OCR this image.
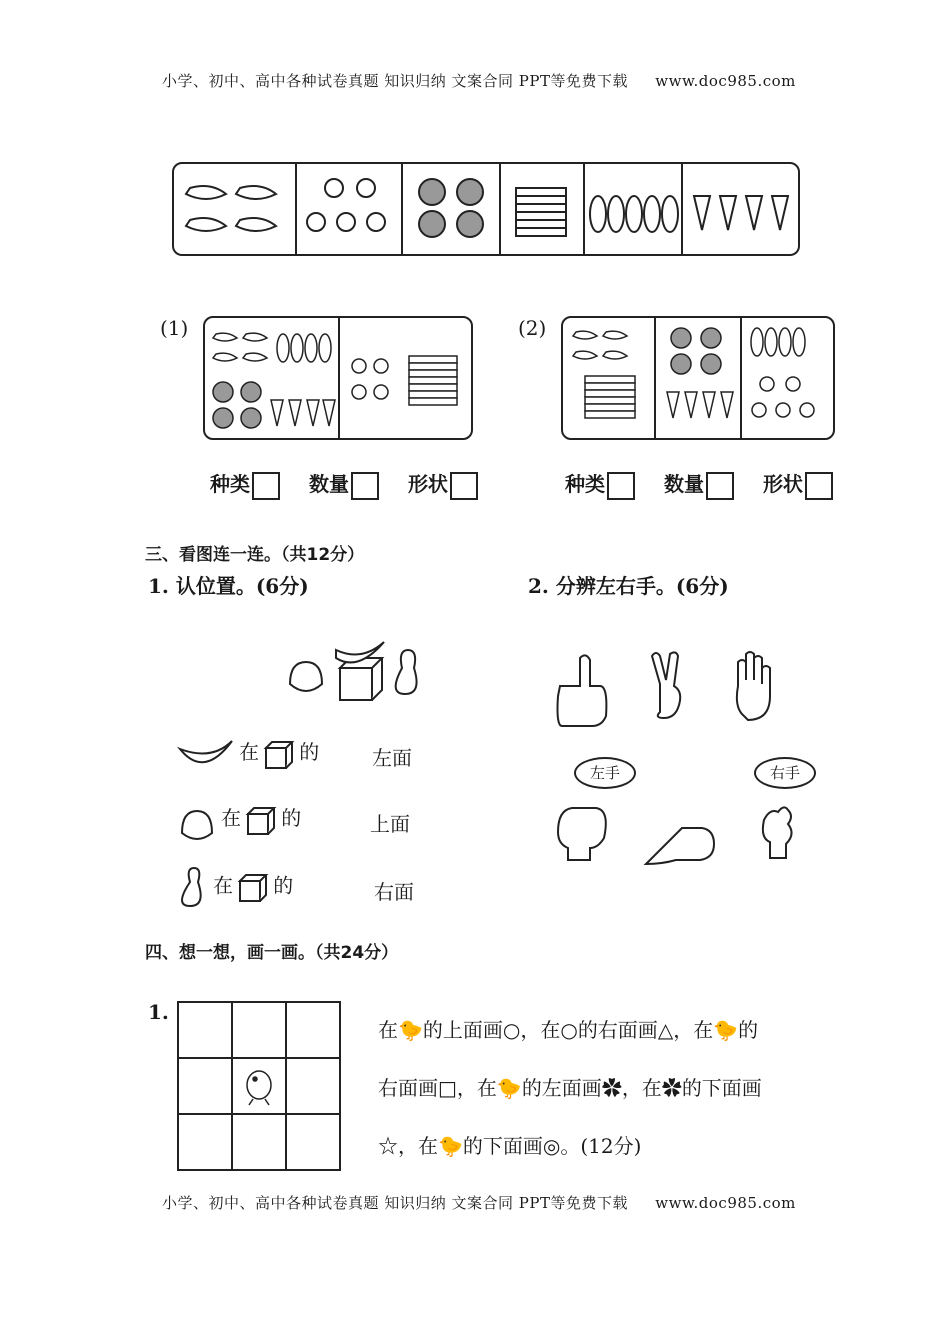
小学、初中、高中各种试卷真题 知识归纳 文案合同 PPT等免费下载 www.doc985.com
(1)	(2)
种类	数量	形状	种类	数量	形状
三、看图连一连。（共12分）
1. 认位置。(6分)	2. 分辨左右手。(6分)
在 的
在 的
在 的
左面
上面
右面
左手	右手
四、想一想，画一画。（共24分）
1.
在🐤的上面画○，在○的右面画△，在🐤的
右面画□，在🐤的左面画✿，在✿的下面画
☆，在🐤的下面画◎。(12分)
小学、初中、高中各种试卷真题 知识归纳 文案合同 PPT等免费下载 www.doc985.com
